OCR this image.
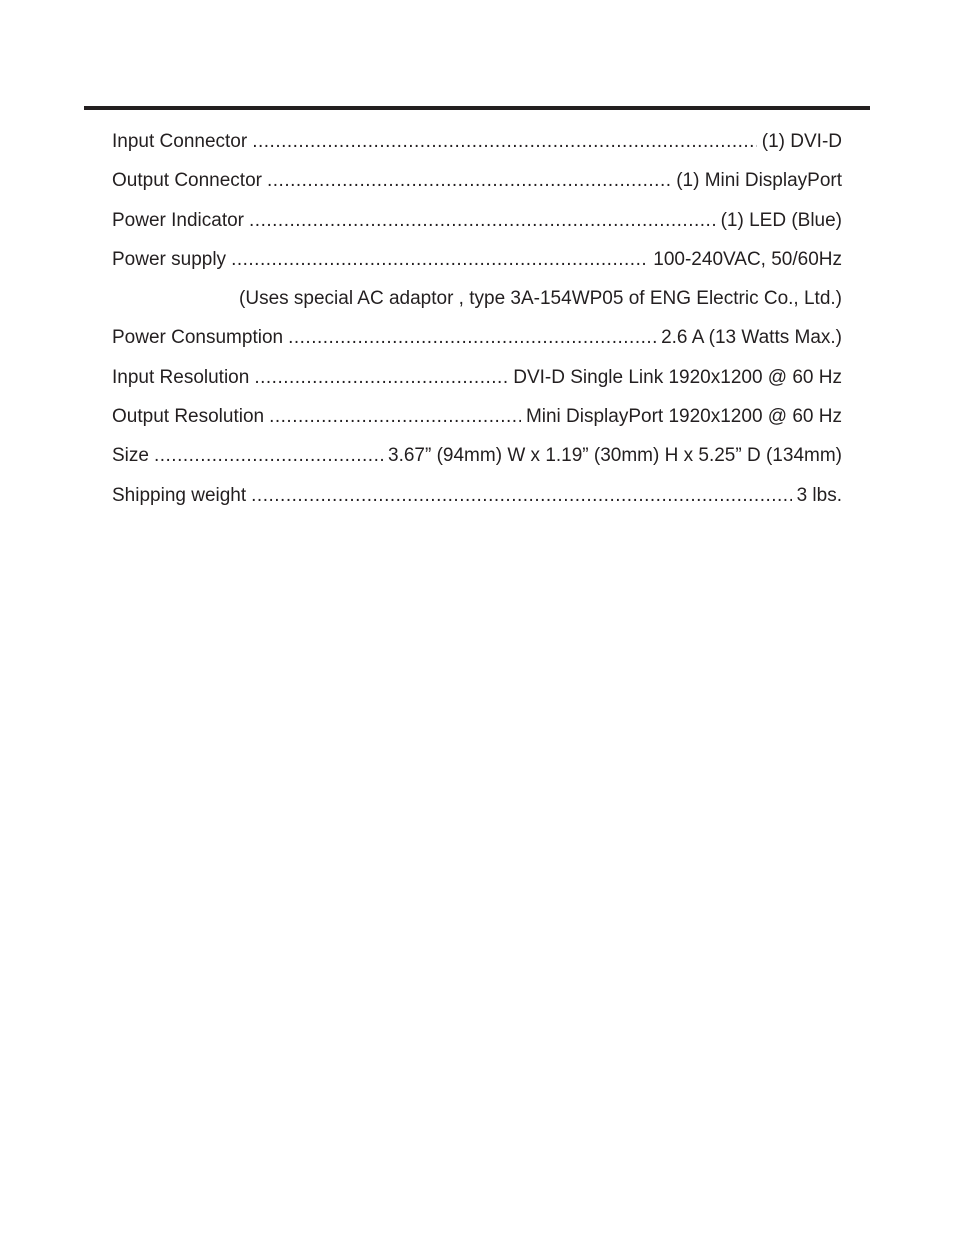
Input Connector .....	(1) DVI-D
Output Connector .....	(1) Mini DisplayPort
Power Indicator .....	(1) LED (Blue)
Power supply .....	100-240VAC, 50/60Hz
(Uses special AC adaptor , type 3A-154WP05 of ENG Electric Co., Ltd.)
Power Consumption .....	2.6 A (13 Watts Max.)
Input Resolution .....	DVI-D Single Link 1920x1200 @ 60 Hz
Output Resolution .....	Mini DisplayPort 1920x1200 @ 60 Hz
Size .....	3.67” (94mm) W x 1.19” (30mm) H x 5.25” D (134mm)
Shipping weight .....	3 lbs.
